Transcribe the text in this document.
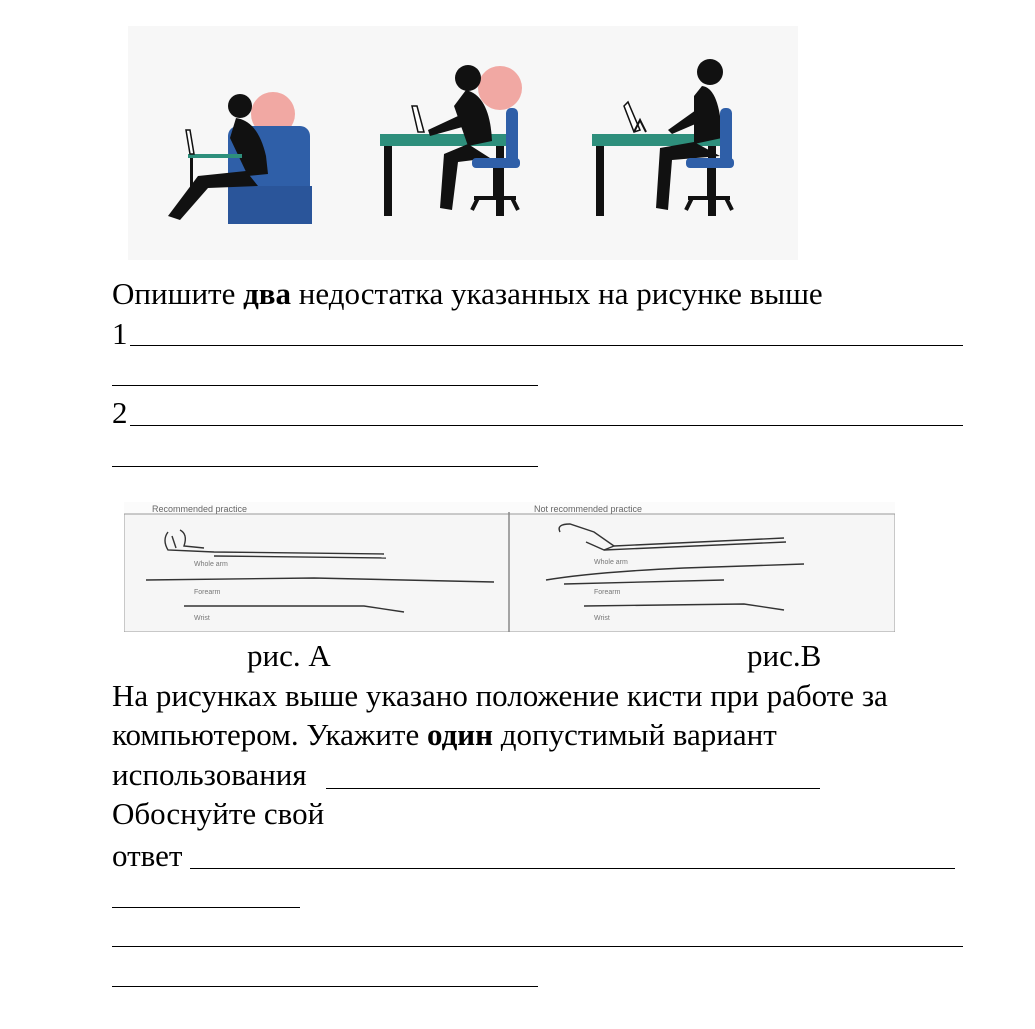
Опишите два недостатка указанных на рисунке выше
1
2
Recommended practice	Not recommended practice
Whole arm
Forearm
Wrist
Whole arm
Forearm
Wrist
рис. А	рис.В
На рисунках выше указано положение кисти при работе за
компьютером. Укажите один допустимый вариант
использования
Обоснуйте свой
ответ
